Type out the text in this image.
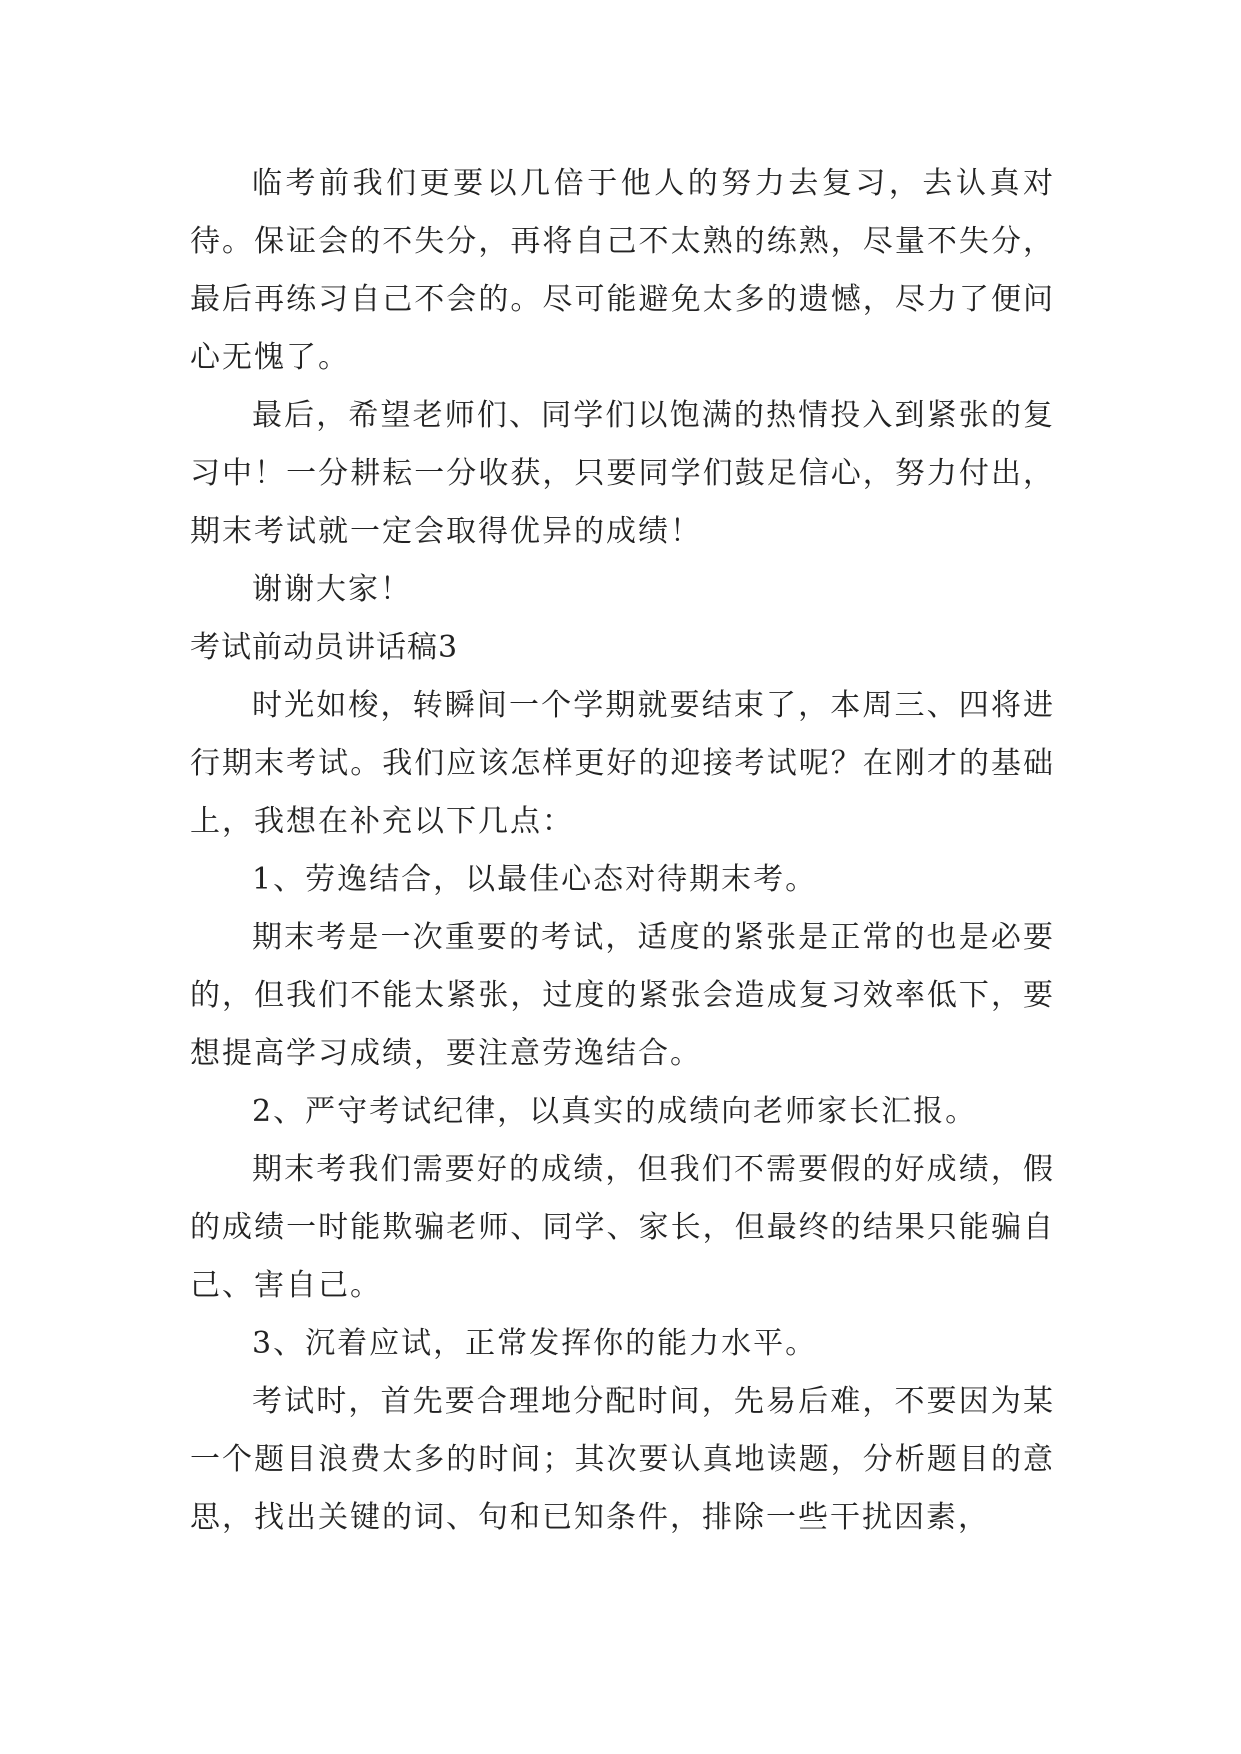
临考前我们更要以几倍于他人的努力去复习，去认真对待。保证会的不失分，再将自己不太熟的练熟，尽量不失分，最后再练习自己不会的。尽可能避免太多的遗憾，尽力了便问心无愧了。

最后，希望老师们、同学们以饱满的热情投入到紧张的复习中！一分耕耘一分收获，只要同学们鼓足信心，努力付出，期末考试就一定会取得优异的成绩！

谢谢大家！

考试前动员讲话稿3

时光如梭，转瞬间一个学期就要结束了，本周三、四将进行期末考试。我们应该怎样更好的迎接考试呢？在刚才的基础上，我想在补充以下几点：

1、劳逸结合，以最佳心态对待期末考。

期末考是一次重要的考试，适度的紧张是正常的也是必要的，但我们不能太紧张，过度的紧张会造成复习效率低下，要想提高学习成绩，要注意劳逸结合。

2、严守考试纪律，以真实的成绩向老师家长汇报。

期末考我们需要好的成绩，但我们不需要假的好成绩，假的成绩一时能欺骗老师、同学、家长，但最终的结果只能骗自己、害自己。

3、沉着应试，正常发挥你的能力水平。

考试时，首先要合理地分配时间，先易后难，不要因为某一个题目浪费太多的时间；其次要认真地读题，分析题目的意思，找出关键的词、句和已知条件，排除一些干扰因素，
